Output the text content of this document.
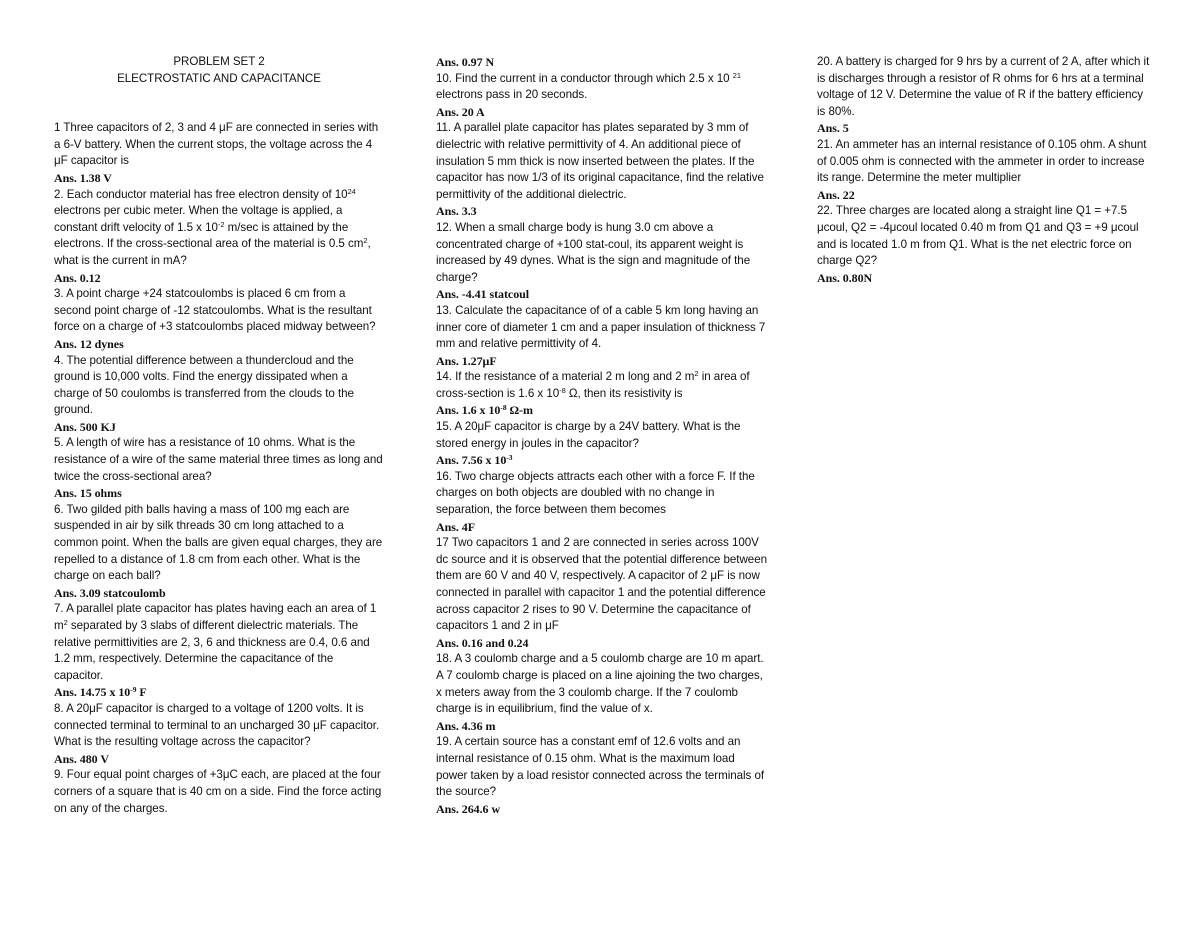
PROBLEM SET 2
ELECTROSTATIC AND CAPACITANCE

1 Three capacitors of 2, 3 and 4 μF are connected in series with a 6-V battery. When the current stops, the voltage across the 4 μF capacitor is

Ans. 1.38 V

2. Each conductor material has free electron density of $10^{24}$ electrons per cubic meter. When the voltage is applied, a constant drift velocity of 1.5 x $10^{-2}$ m/sec is attained by the electrons. If the cross-sectional area of the material is 0.5 $cm^2$, what is the current in mA?

Ans. 0.12

3. A point charge +24 statcoulombs is placed 6 cm from a second point charge of -12 statcoulombs. What is the resultant force on a charge of +3 statcoulombs placed midway between?

Ans. 12 dynes

4. The potential difference between a thundercloud and the ground is 10,000 volts. Find the energy dissipated when a charge of 50 coulombs is transferred from the clouds to the ground.

Ans. 500 KJ

5. A length of wire has a resistance of 10 ohms. What is the resistance of a wire of the same material three times as long and twice the cross-sectional area?

Ans. 15 ohms

6. Two gilded pith balls having a mass of 100 mg each are suspended in air by silk threads 30 cm long attached to a common point. When the balls are given equal charges, they are repelled to a distance of 1.8 cm from each other. What is the charge on each ball?

Ans. 3.09 statcoulomb

7. A parallel plate capacitor has plates having each an area of 1 $m^2$ separated by 3 slabs of different dielectric materials. The relative permittivities are 2, 3, 6 and thickness are 0.4, 0.6 and 1.2 mm, respectively. Determine the capacitance of the capacitor.

Ans. 14.75 x $10^{-9}$ F

8. A 20μF capacitor is charged to a voltage of 1200 volts. It is connected terminal to terminal to an uncharged 30 μF capacitor. What is the resulting voltage across the capacitor?

Ans. 480 V

9. Four equal point charges of +3μC each, are placed at the four corners of a square that is 40 cm on a side. Find the force acting on any of the charges.

Ans. 0.97 N

10. Find the current in a conductor through which 2.5 x 10 $^{21}$ electrons pass in 20 seconds.

Ans. 20 A

11. A parallel plate capacitor has plates separated by 3 mm of dielectric with relative permittivity of 4. An additional piece of insulation 5 mm thick is now inserted between the plates. If the capacitor has now 1/3 of its original capacitance, find the relative permittivity of the additional dielectric.

Ans. 3.3

12. When a small charge body is hung 3.0 cm above a concentrated charge of +100 stat-coul, its apparent weight is increased by 49 dynes. What is the sign and magnitude of the charge?

Ans. -4.41 statcoul

13. Calculate the capacitance of of a cable 5 km long having an inner core of diameter 1 cm and a paper insulation of thickness 7 mm and relative permittivity of 4.

Ans. 1.27μF

14. If the resistance of a material 2 m long and 2 $m^2$ in area of cross-section is 1.6 x $10^{-8}$ Ω, then its resistivity is

Ans. 1.6 x $10^{-8}$ Ω-m

15. A 20μF capacitor is charge by a 24V battery. What is the stored energy in joules in the capacitor?

Ans. 7.56 x $10^{-3}$

16. Two charge objects attracts each other with a force F. If the charges on both objects are doubled with no change in separation, the force between them becomes

Ans. 4F

17 Two capacitors 1 and 2 are connected in series across 100V dc source and it is observed that the potential difference between them are 60 V and 40 V, respectively. A capacitor of 2 μF is now connected in parallel with capacitor 1 and the potential difference across capacitor 2 rises to 90 V. Determine the capacitance of capacitors 1 and 2 in μF

Ans. 0.16 and 0.24

18. A 3 coulomb charge and a 5 coulomb charge are 10 m apart. A 7 coulomb charge is placed on a line ajoining the two charges, x meters away from the 3 coulomb charge. If the 7 coulomb charge is in equilibrium, find the value of x.

Ans. 4.36 m

19. A certain source has a constant emf of 12.6 volts and an internal resistance of 0.15 ohm. What is the maximum load power taken by a load resistor connected across the terminals of the source?

Ans. 264.6 w

20. A battery is charged for 9 hrs by a current of 2 A, after which it is discharges through a resistor of R ohms for 6 hrs at a terminal voltage of 12 V. Determine the value of R if the battery efficiency is 80%.

Ans. 5

21. An ammeter has an internal resistance of 0.105 ohm. A shunt of 0.005 ohm is connected with the ammeter in order to increase its range. Determine the meter multiplier

Ans. 22

22. Three charges are located along a straight line Q1 = +7.5 μcoul, Q2 = -4μcoul located 0.40 m from Q1 and Q3 = +9 μcoul and is located 1.0 m from Q1. What is the net electric force on charge Q2?

Ans. 0.80N
